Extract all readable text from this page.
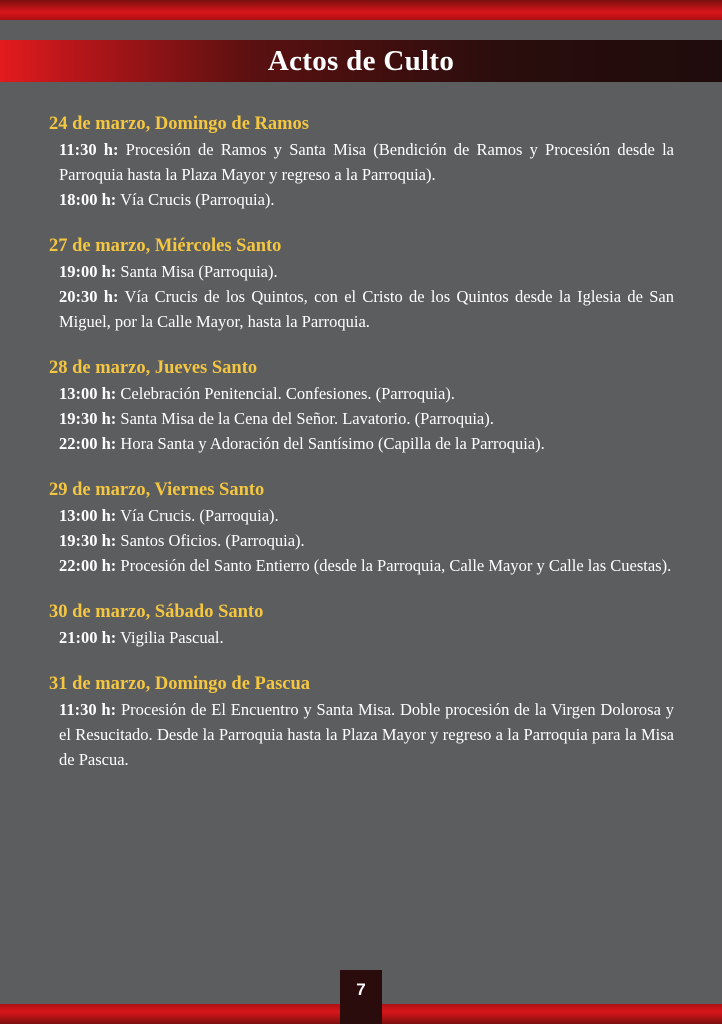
Actos de Culto

24 de marzo, Domingo de Ramos

11:30 h: Procesión de Ramos y Santa Misa (Bendición de Ramos y Procesión desde la Parroquia hasta la Plaza Mayor y regreso a la Parroquia).

18:00 h: Vía Crucis (Parroquia).

27 de marzo, Miércoles Santo

19:00 h: Santa Misa (Parroquia).

20:30 h: Vía Crucis de los Quintos, con el Cristo de los Quintos desde la Iglesia de San Miguel, por la Calle Mayor, hasta la Parroquia.

28 de marzo, Jueves Santo

13:00 h: Celebración Penitencial. Confesiones. (Parroquia).

19:30 h: Santa Misa de la Cena del Señor. Lavatorio. (Parroquia).

22:00 h: Hora Santa y Adoración del Santísimo (Capilla de la Parroquia).

29 de marzo, Viernes Santo

13:00 h: Vía Crucis. (Parroquia).

19:30 h: Santos Oficios. (Parroquia).

22:00 h: Procesión del Santo Entierro (desde la Parroquia, Calle Mayor y Calle las Cuestas).

30 de marzo, Sábado Santo

21:00 h: Vigilia Pascual.

31 de marzo, Domingo de Pascua

11:30 h: Procesión de El Encuentro y Santa Misa. Doble procesión de la Virgen Dolorosa y el Resucitado. Desde la Parroquia hasta la Plaza Mayor y regreso a la Parroquia para la Misa de Pascua.

7
